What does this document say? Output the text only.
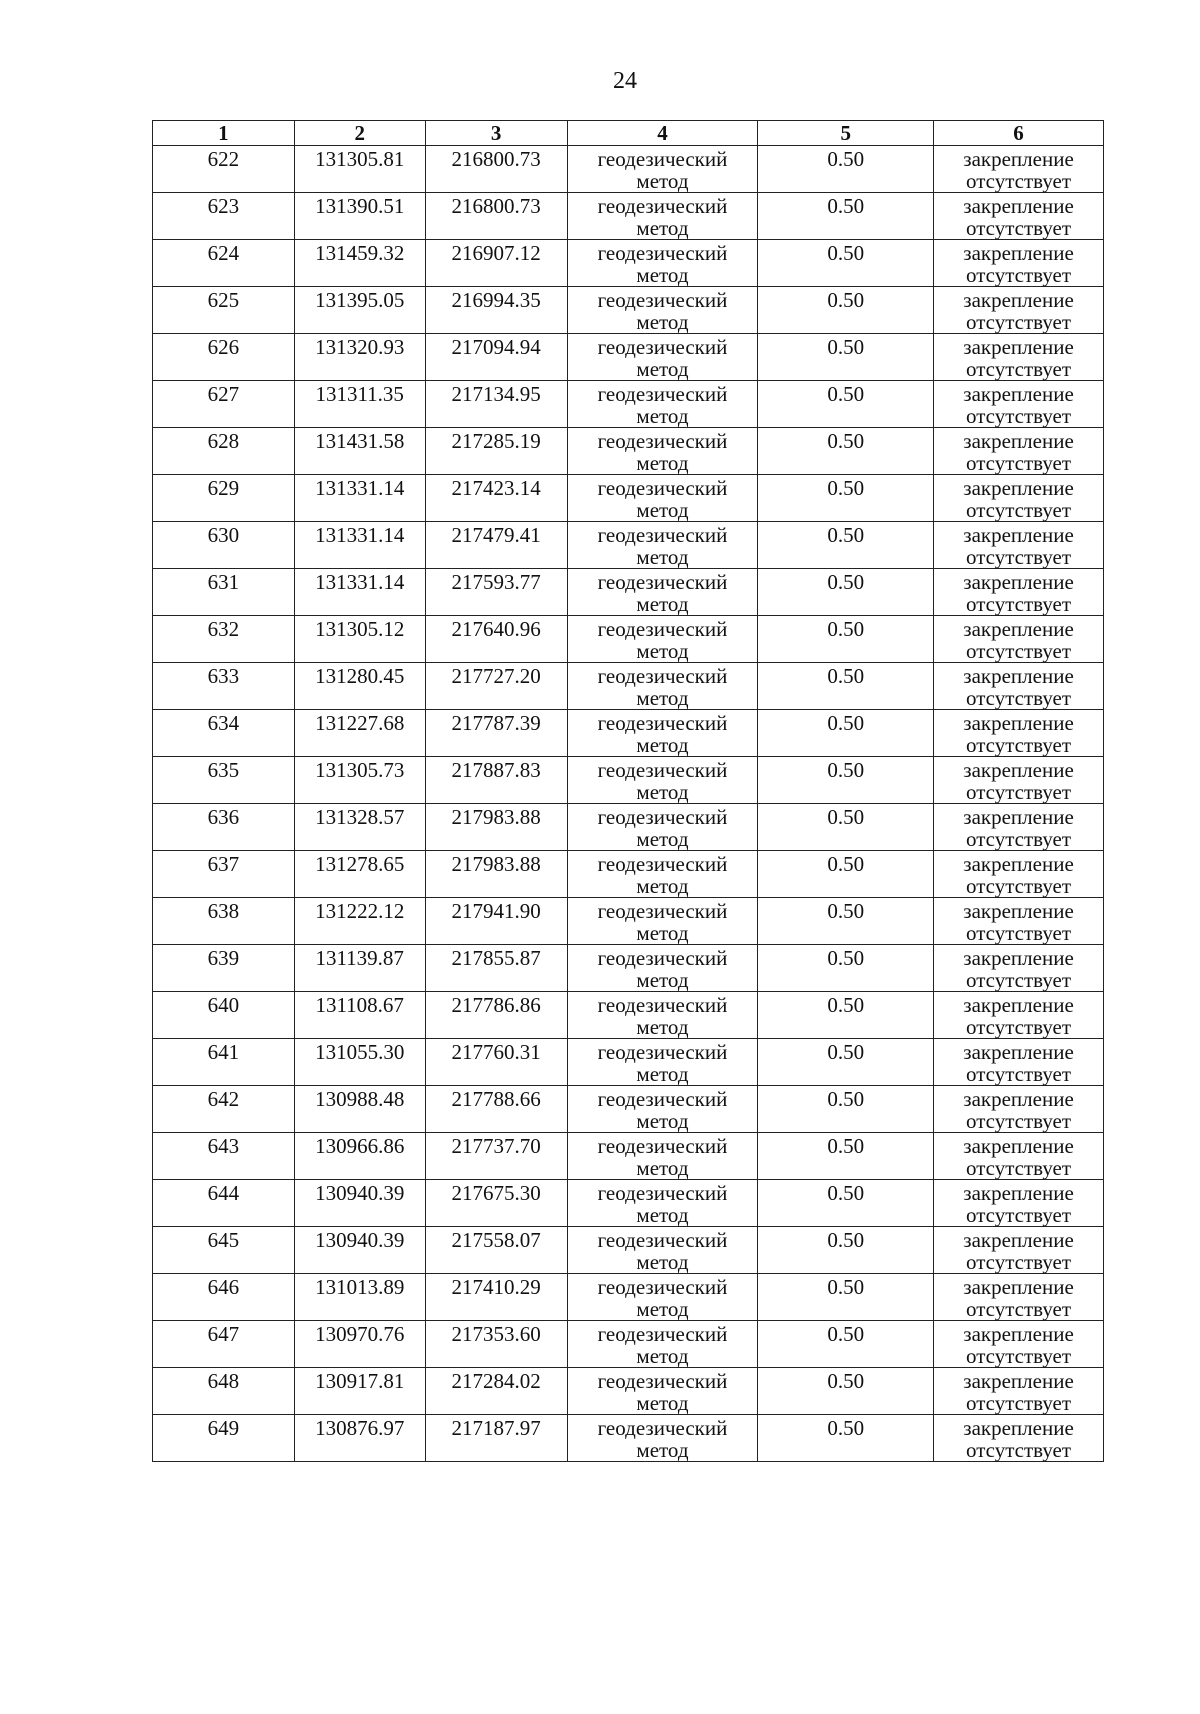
24
1	2	3	4	5	6
622	131305.81	216800.73	геодезический метод	0.50	закрепление отсутствует
623	131390.51	216800.73	геодезический метод	0.50	закрепление отсутствует
624	131459.32	216907.12	геодезический метод	0.50	закрепление отсутствует
625	131395.05	216994.35	геодезический метод	0.50	закрепление отсутствует
626	131320.93	217094.94	геодезический метод	0.50	закрепление отсутствует
627	131311.35	217134.95	геодезический метод	0.50	закрепление отсутствует
628	131431.58	217285.19	геодезический метод	0.50	закрепление отсутствует
629	131331.14	217423.14	геодезический метод	0.50	закрепление отсутствует
630	131331.14	217479.41	геодезический метод	0.50	закрепление отсутствует
631	131331.14	217593.77	геодезический метод	0.50	закрепление отсутствует
632	131305.12	217640.96	геодезический метод	0.50	закрепление отсутствует
633	131280.45	217727.20	геодезический метод	0.50	закрепление отсутствует
634	131227.68	217787.39	геодезический метод	0.50	закрепление отсутствует
635	131305.73	217887.83	геодезический метод	0.50	закрепление отсутствует
636	131328.57	217983.88	геодезический метод	0.50	закрепление отсутствует
637	131278.65	217983.88	геодезический метод	0.50	закрепление отсутствует
638	131222.12	217941.90	геодезический метод	0.50	закрепление отсутствует
639	131139.87	217855.87	геодезический метод	0.50	закрепление отсутствует
640	131108.67	217786.86	геодезический метод	0.50	закрепление отсутствует
641	131055.30	217760.31	геодезический метод	0.50	закрепление отсутствует
642	130988.48	217788.66	геодезический метод	0.50	закрепление отсутствует
643	130966.86	217737.70	геодезический метод	0.50	закрепление отсутствует
644	130940.39	217675.30	геодезический метод	0.50	закрепление отсутствует
645	130940.39	217558.07	геодезический метод	0.50	закрепление отсутствует
646	131013.89	217410.29	геодезический метод	0.50	закрепление отсутствует
647	130970.76	217353.60	геодезический метод	0.50	закрепление отсутствует
648	130917.81	217284.02	геодезический метод	0.50	закрепление отсутствует
649	130876.97	217187.97	геодезический метод	0.50	закрепление отсутствует
